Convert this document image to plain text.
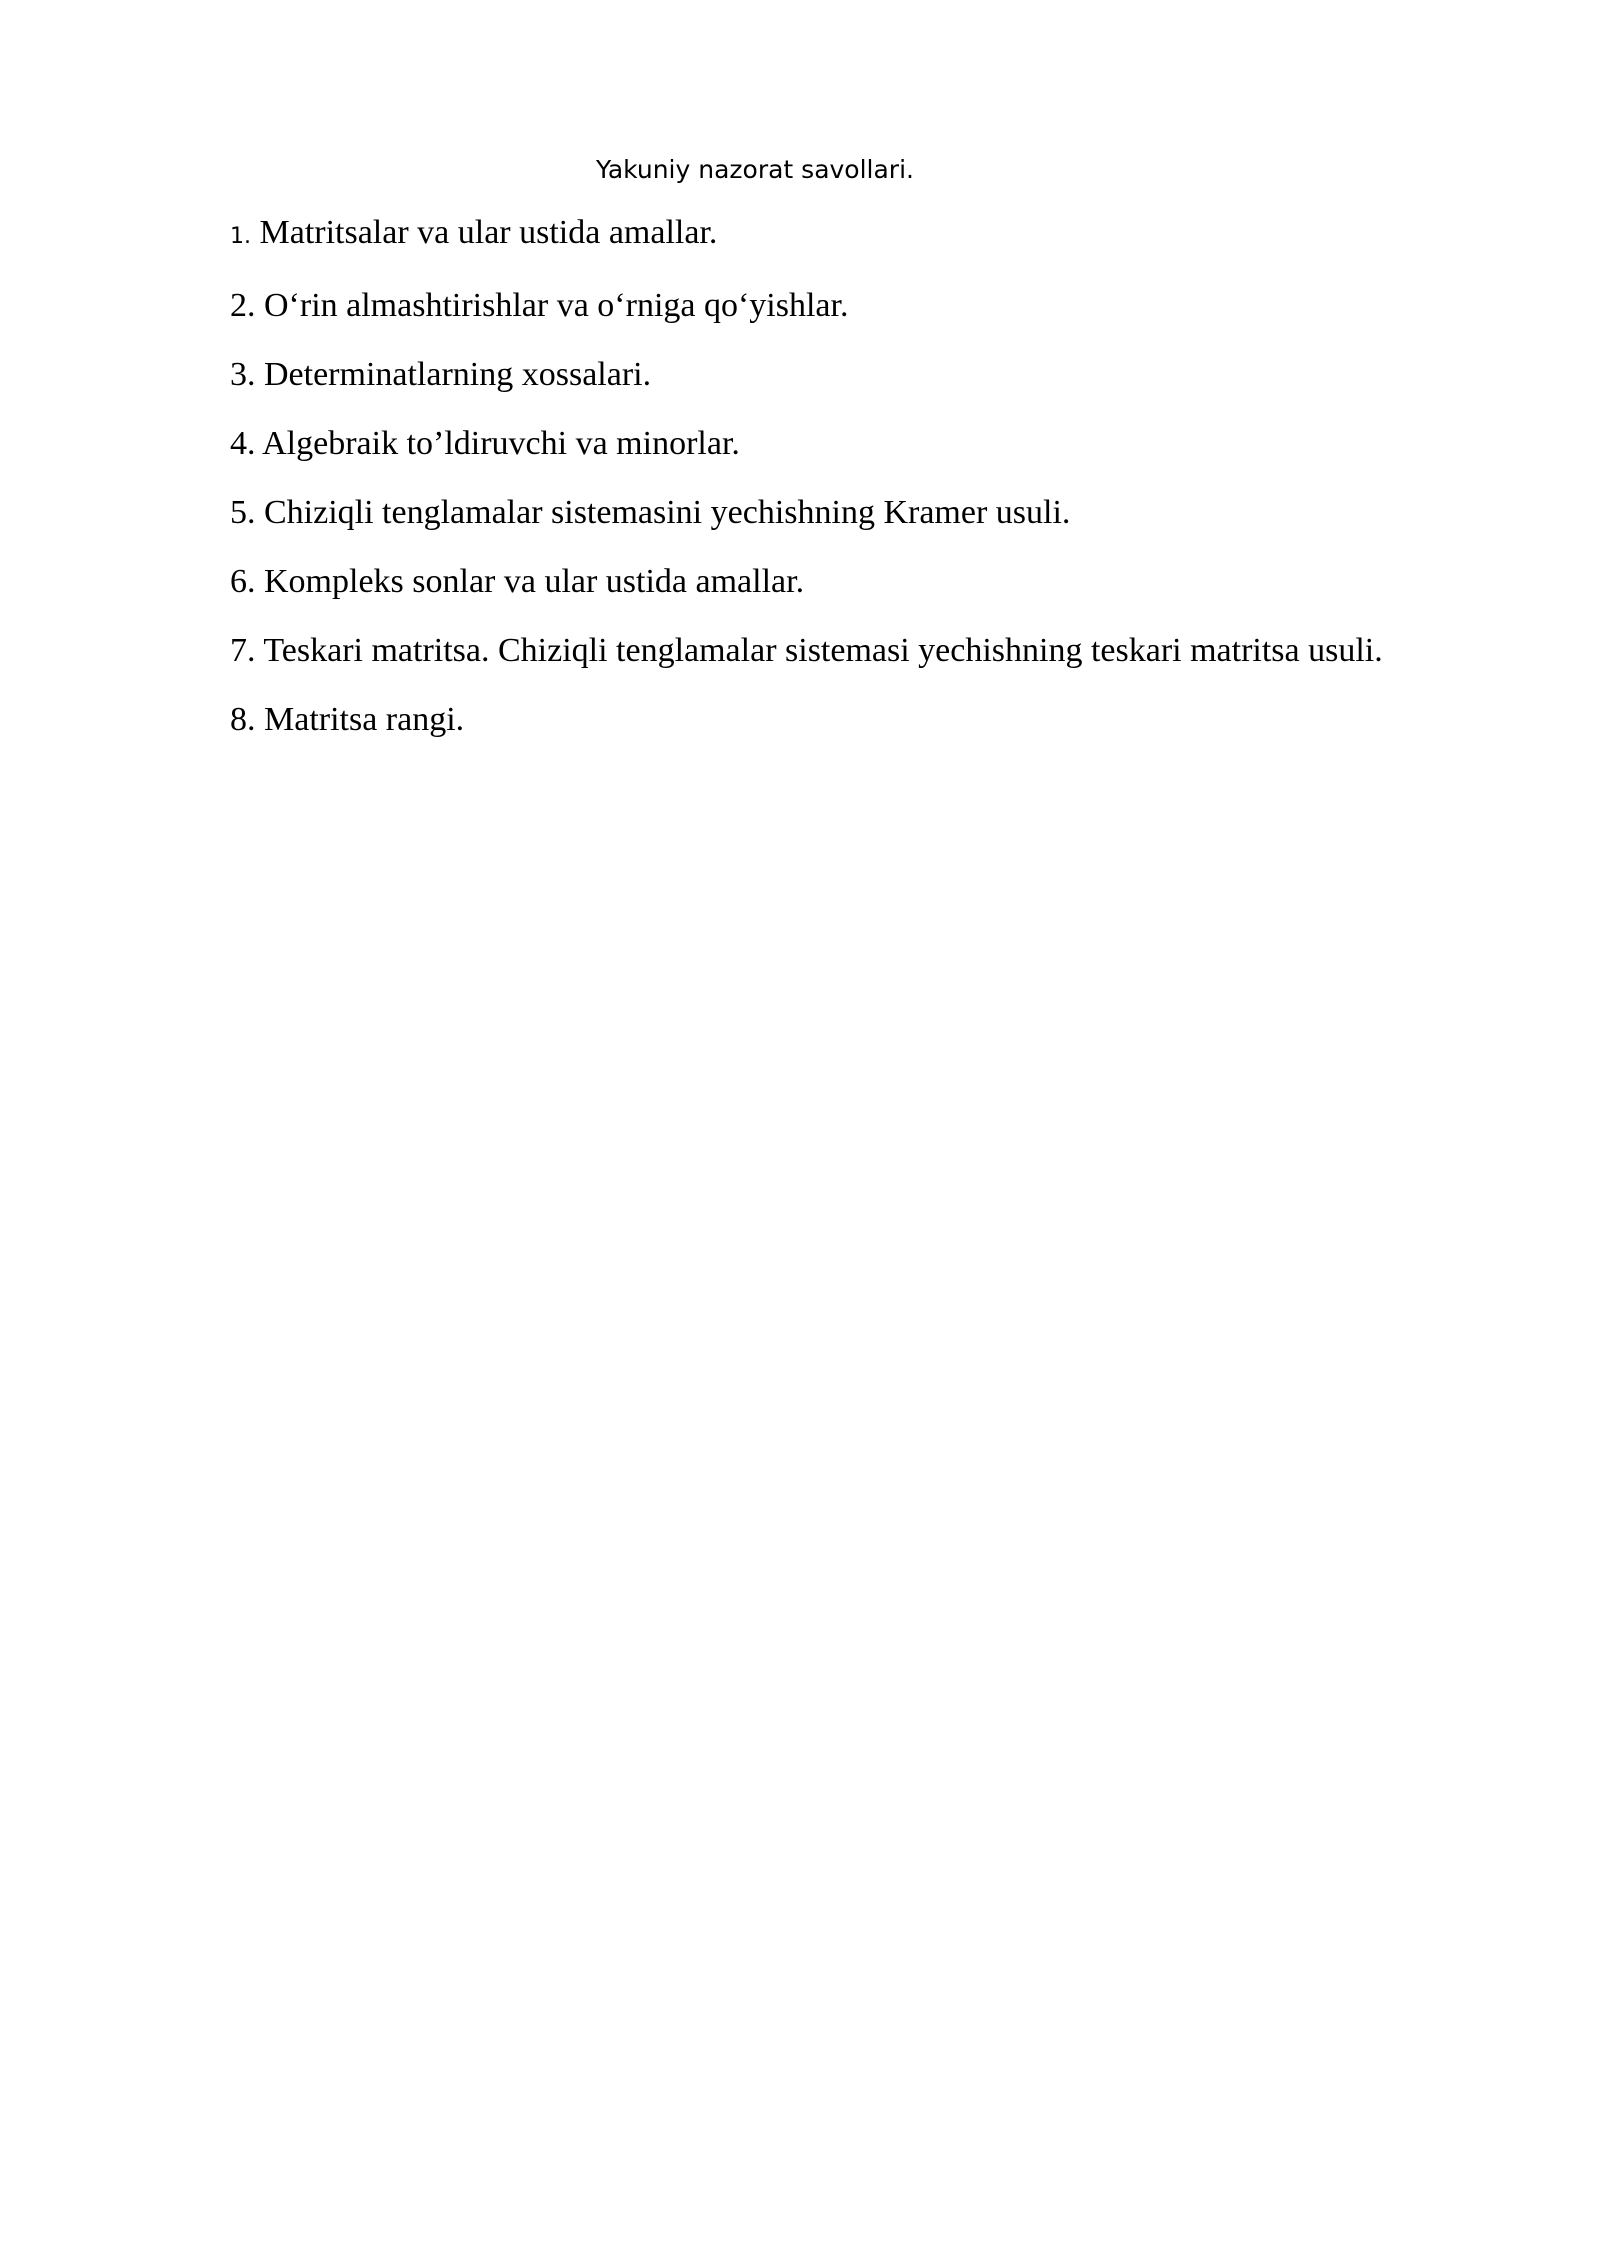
Yakuniy nazorat savollari.
1. Matritsalar va ular ustida amallar.
2. O‘rin almashtirishlar va o‘rniga qo‘yishlar.
3. Determinatlarning xossalari.
4. Algebraik to’ldiruvchi va minorlar.
5. Chiziqli tenglamalar sistemasini yechishning Kramer usuli.
6. Kompleks sonlar va ular ustida amallar.
7. Teskari matritsa. Chiziqli tenglamalar sistemasi yechishning teskari matritsa usuli.
8. Matritsa rangi.
